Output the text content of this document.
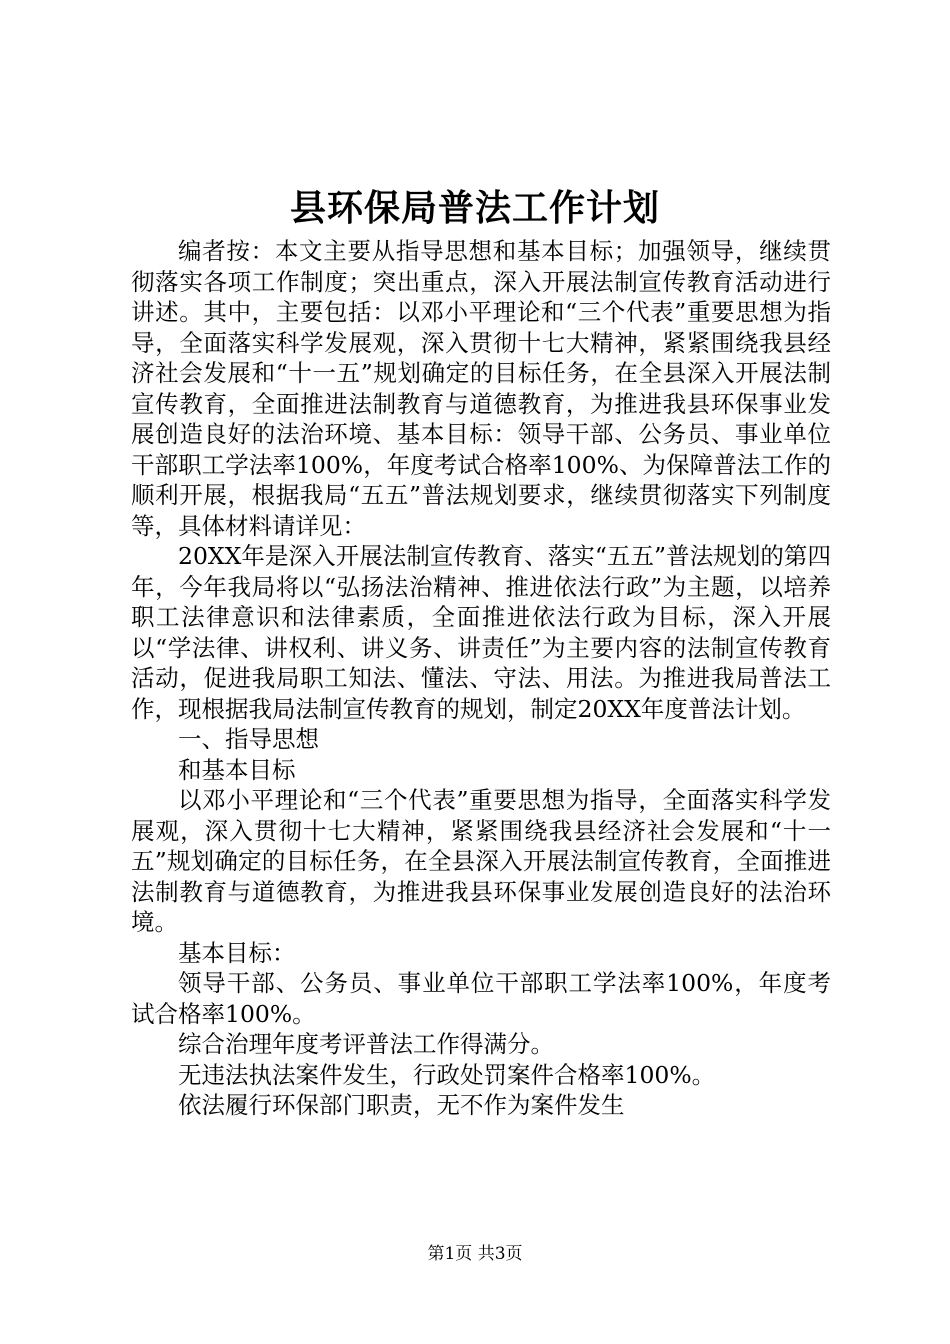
县环保局普法工作计划

编者按：本文主要从指导思想和基本目标；加强领导，继续贯彻落实各项工作制度；突出重点，深入开展法制宣传教育活动进行讲述。其中，主要包括：以邓小平理论和“三个代表”重要思想为指导，全面落实科学发展观，深入贯彻十七大精神，紧紧围绕我县经济社会发展和“十一五”规划确定的目标任务，在全县深入开展法制宣传教育，全面推进法制教育与道德教育，为推进我县环保事业发展创造良好的法治环境、基本目标：领导干部、公务员、事业单位干部职工学法率100%，年度考试合格率100%、为保障普法工作的顺利开展，根据我局“五五”普法规划要求，继续贯彻落实下列制度等，具体材料请详见：

20XX年是深入开展法制宣传教育、落实“五五”普法规划的第四年，今年我局将以“弘扬法治精神、推进依法行政”为主题，以培养职工法律意识和法律素质，全面推进依法行政为目标，深入开展以“学法律、讲权利、讲义务、讲责任”为主要内容的法制宣传教育活动，促进我局职工知法、懂法、守法、用法。为推进我局普法工作，现根据我局法制宣传教育的规划，制定20XX年度普法计划。

一、指导思想

和基本目标

以邓小平理论和“三个代表”重要思想为指导，全面落实科学发展观，深入贯彻十七大精神，紧紧围绕我县经济社会发展和“十一五”规划确定的目标任务，在全县深入开展法制宣传教育，全面推进法制教育与道德教育，为推进我县环保事业发展创造良好的法治环境。

基本目标：

领导干部、公务员、事业单位干部职工学法率100%，年度考试合格率100%。

综合治理年度考评普法工作得满分。

无违法执法案件发生，行政处罚案件合格率100%。

依法履行环保部门职责，无不作为案件发生

第1页 共3页
